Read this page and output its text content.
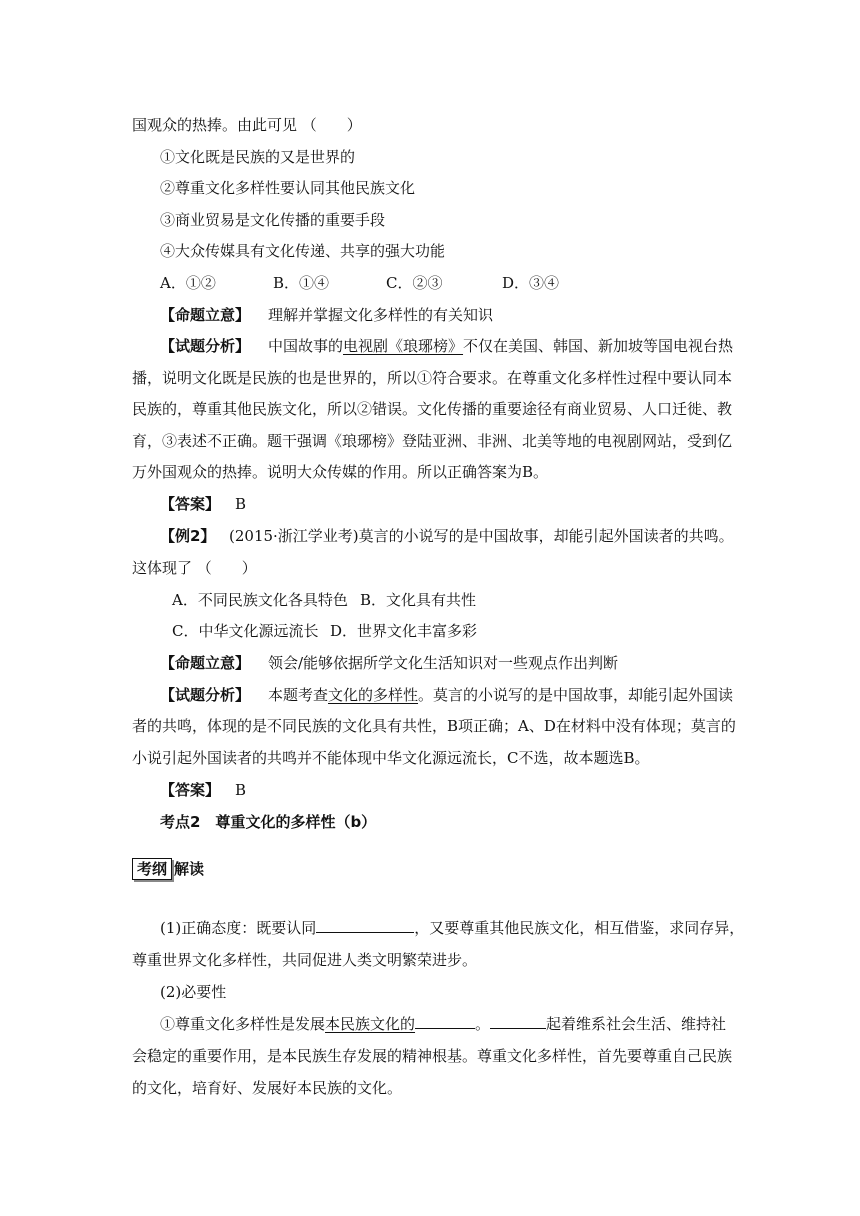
国观众的热捧。由此可见 （　　）
①文化既是民族的又是世界的
②尊重文化多样性要认同其他民族文化
③商业贸易是文化传播的重要手段
④大众传媒具有文化传递、共享的强大功能
A．①②	B．①④	C．②③	D．③④
【命题立意】 理解并掌握文化多样性的有关知识
【试题分析】 中国故事的电视剧《琅琊榜》不仅在美国、韩国、新加坡等国电视台热
播，说明文化既是民族的也是世界的，所以①符合要求。在尊重文化多样性过程中要认同本
民族的，尊重其他民族文化，所以②错误。文化传播的重要途径有商业贸易、人口迁徙、教
育，③表述不正确。题干强调《琅琊榜》登陆亚洲、非洲、北美等地的电视剧网站，受到亿
万外国观众的热捧。说明大众传媒的作用。所以正确答案为B。
【答案】 B
【例2】 (2015·浙江学业考)莫言的小说写的是中国故事，却能引起外国读者的共鸣。
这体现了 （　　）
A．不同民族文化各具特色 B．文化具有共性
C．中华文化源远流长 D．世界文化丰富多彩
【命题立意】 领会/能够依据所学文化生活知识对一些观点作出判断
【试题分析】 本题考查文化的多样性。莫言的小说写的是中国故事，却能引起外国读
者的共鸣，体现的是不同民族的文化具有共性，B项正确；A、D在材料中没有体现；莫言的
小说引起外国读者的共鸣并不能体现中华文化源远流长，C不选，故本题选B。
【答案】 B
考点2　尊重文化的多样性（b）
考纲 解读
(1)正确态度：既要认同	，又要尊重其他民族文化，相互借鉴，求同存异，
尊重世界文化多样性，共同促进人类文明繁荣进步。
(2)必要性
①尊重文化多样性是发展本民族文化的	。	起着维系社会生活、维持社
会稳定的重要作用，是本民族生存发展的精神根基。尊重文化多样性，首先要尊重自己民族
的文化，培育好、发展好本民族的文化。
